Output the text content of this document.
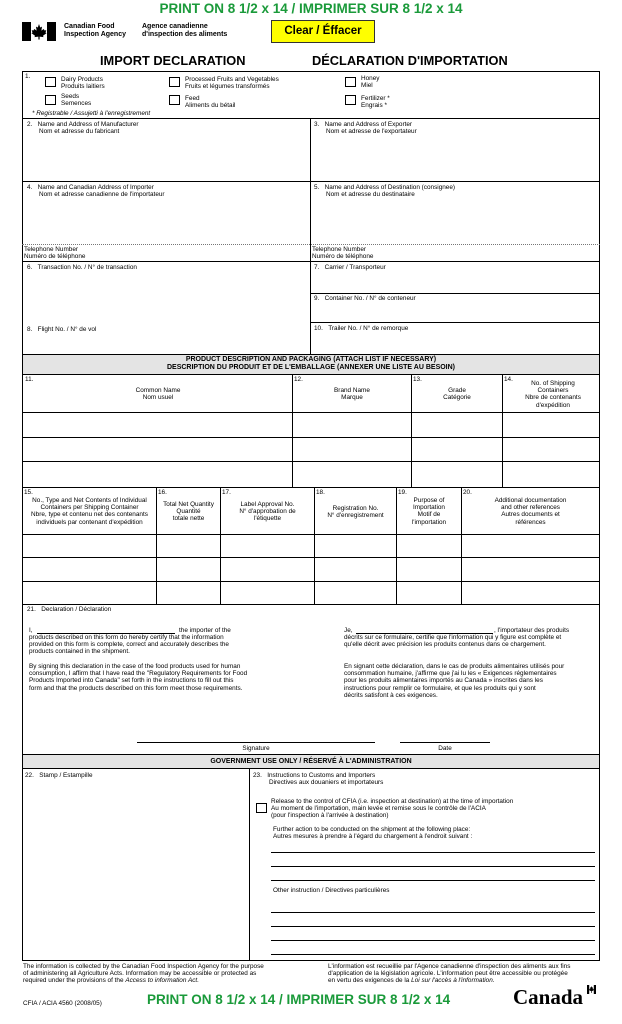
PRINT ON 8 1/2 x 14 / IMPRIMER SUR 8 1/2 x 14
Canadian Food
Inspection Agency
Agence canadienne
d'inspection des aliments	Clear / Éffacer
IMPORT DECLARATION	DÉCLARATION D'IMPORTATION
1.	Dairy Products
Produits laitiers
Seeds
Semences
Processed Fruits and Vegetables
Fruits et légumes transformés
Feed
Aliments du bétail
Honey
Miel
Fertilizer *
Engrais *
* Registrable / Assujetti à l'enregistrement
2. Name and Address of Manufacturer
Nom et adresse du fabricant
3. Name and Address of Exporter
Nom et adresse de l'exportateur
4. Name and Canadian Address of Importer
Nom et adresse canadienne de l'importateur
5. Name and Address of Destination (consignee)
Nom et adresse du destinataire
Telephone Number
Numéro de téléphone
Telephone Number
Numéro de téléphone
6. Transaction No. / N° de transaction	7. Carrier / Transporteur
9. Container No. / N° de conteneur
8. Flight No. / N° de vol	10. Trailer No. / N° de remorque
PRODUCT DESCRIPTION AND PACKAGING (ATTACH LIST IF NECESSARY)
DESCRIPTION DU PRODUIT ET DE L'EMBALLAGE (ANNEXER UNE LISTE AU BESOIN)
11.
Common Name
Nom usuel
12.
Brand Name
Marque
13.
Grade
Catégorie
14.
No. of Shipping
Containers
Nbre de contenants
d'expédition
15.
No., Type and Net Contents of Individual
Containers per Shipping Container
Nbre, type et contenu net des contenants
individuels par contenant d'expédition
16.
Total Net Quantity
Quantité
totale nette
17.
Label Approval No.
N° d'approbation de
l'étiquette
18.
Registration No.
N° d'enregistrement
19.
Purpose of
Importation
Motif de
l'importation
20.
Additional documentation
and other references
Autres documents et
références
21. Declaration / Déclaration
I,	the importer of the
products described on this form do hereby certify that the information
provided on this form is complete, correct and accurately describes the
products contained in the shipment.
By signing this declaration in the case of the food products used for human
consumption, I affirm that I have read the "Regulatory Requirements for Food
Products Imported into Canada" set forth in the instructions to fill out this
form and that the products described on this form meet those requirements.
Je,	, l'importateur des produits
décrits sur ce formulaire, certifie que l'information qui y figure est complète et
qu'elle décrit avec précision les produits contenus dans ce chargement.
En signant cette déclaration, dans le cas de produits alimentaires utilisés pour
consommation humaine, j'affirme que j'ai lu les « Exigences réglementaires
pour les produits alimentaires importés au Canada » inscrites dans les
instructions pour remplir ce formulaire, et que les produits qui y sont
décrits satisfont à ces exigences.
Signature	Date
GOVERNMENT USE ONLY / RÉSERVÉ À L'ADMINISTRATION
22. Stamp / Estampille	23. Instructions to Customs and Importers
Directives aux douaniers et importateurs
Release to the control of CFIA (i.e. inspection at destination) at the time of importation
Au moment de l'importation, main levée et remise sous le contrôle de l'ACIA
(pour l'inspection à l'arrivée à destination)
Further action to be conducted on the shipment at the following place:
Autres mesures à prendre à l'égard du chargement à l'endroit suivant :
Other instruction / Directives particulières
The information is collected by the Canadian Food Inspection Agency for the purpose
of administering all Agriculture Acts. Information may be accessible or protected as
required under the provisions of the Access to information Act.
L'information est recueillie par l'Agence canadienne d'inspection des aliments aux fins
d'application de la législation agricole. L'information peut être accessible ou protégée
en vertu des exigences de la Loi sur l'accès à l'information.
CFIA / ACIA 4560 (2008/05)	PRINT ON 8 1/2 x 14 / IMPRIMER SUR 8 1/2 x 14	Canada
